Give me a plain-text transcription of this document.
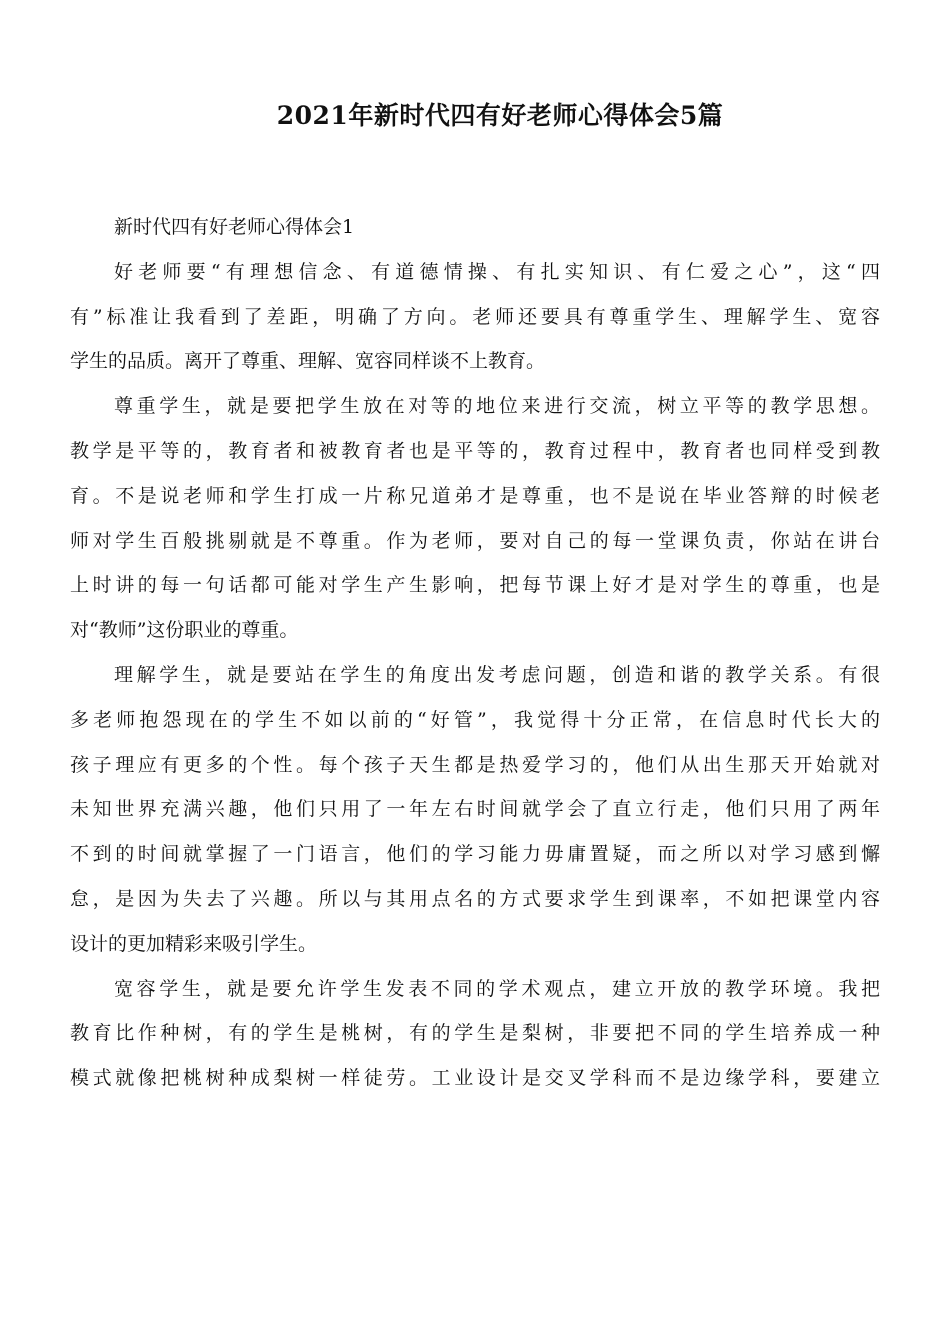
2021年新时代四有好老师心得体会5篇
新时代四有好老师心得体会1
好老师要“有理想信念、有道德情操、有扎实知识、有仁爱之心”，这“四
有”标准让我看到了差距，明确了方向。老师还要具有尊重学生、理解学生、宽容
学生的品质。离开了尊重、理解、宽容同样谈不上教育。
尊重学生，就是要把学生放在对等的地位来进行交流，树立平等的教学思想。
教学是平等的，教育者和被教育者也是平等的，教育过程中，教育者也同样受到教
育。不是说老师和学生打成一片称兄道弟才是尊重，也不是说在毕业答辩的时候老
师对学生百般挑剔就是不尊重。作为老师，要对自己的每一堂课负责，你站在讲台
上时讲的每一句话都可能对学生产生影响，把每节课上好才是对学生的尊重，也是
对“教师”这份职业的尊重。
理解学生，就是要站在学生的角度出发考虑问题，创造和谐的教学关系。有很
多老师抱怨现在的学生不如以前的“好管”，我觉得十分正常，在信息时代长大的
孩子理应有更多的个性。每个孩子天生都是热爱学习的，他们从出生那天开始就对
未知世界充满兴趣，他们只用了一年左右时间就学会了直立行走，他们只用了两年
不到的时间就掌握了一门语言，他们的学习能力毋庸置疑，而之所以对学习感到懈
怠，是因为失去了兴趣。所以与其用点名的方式要求学生到课率，不如把课堂内容
设计的更加精彩来吸引学生。
宽容学生，就是要允许学生发表不同的学术观点，建立开放的教学环境。我把
教育比作种树，有的学生是桃树，有的学生是梨树，非要把不同的学生培养成一种
模式就像把桃树种成梨树一样徒劳。工业设计是交叉学科而不是边缘学科，要建立
